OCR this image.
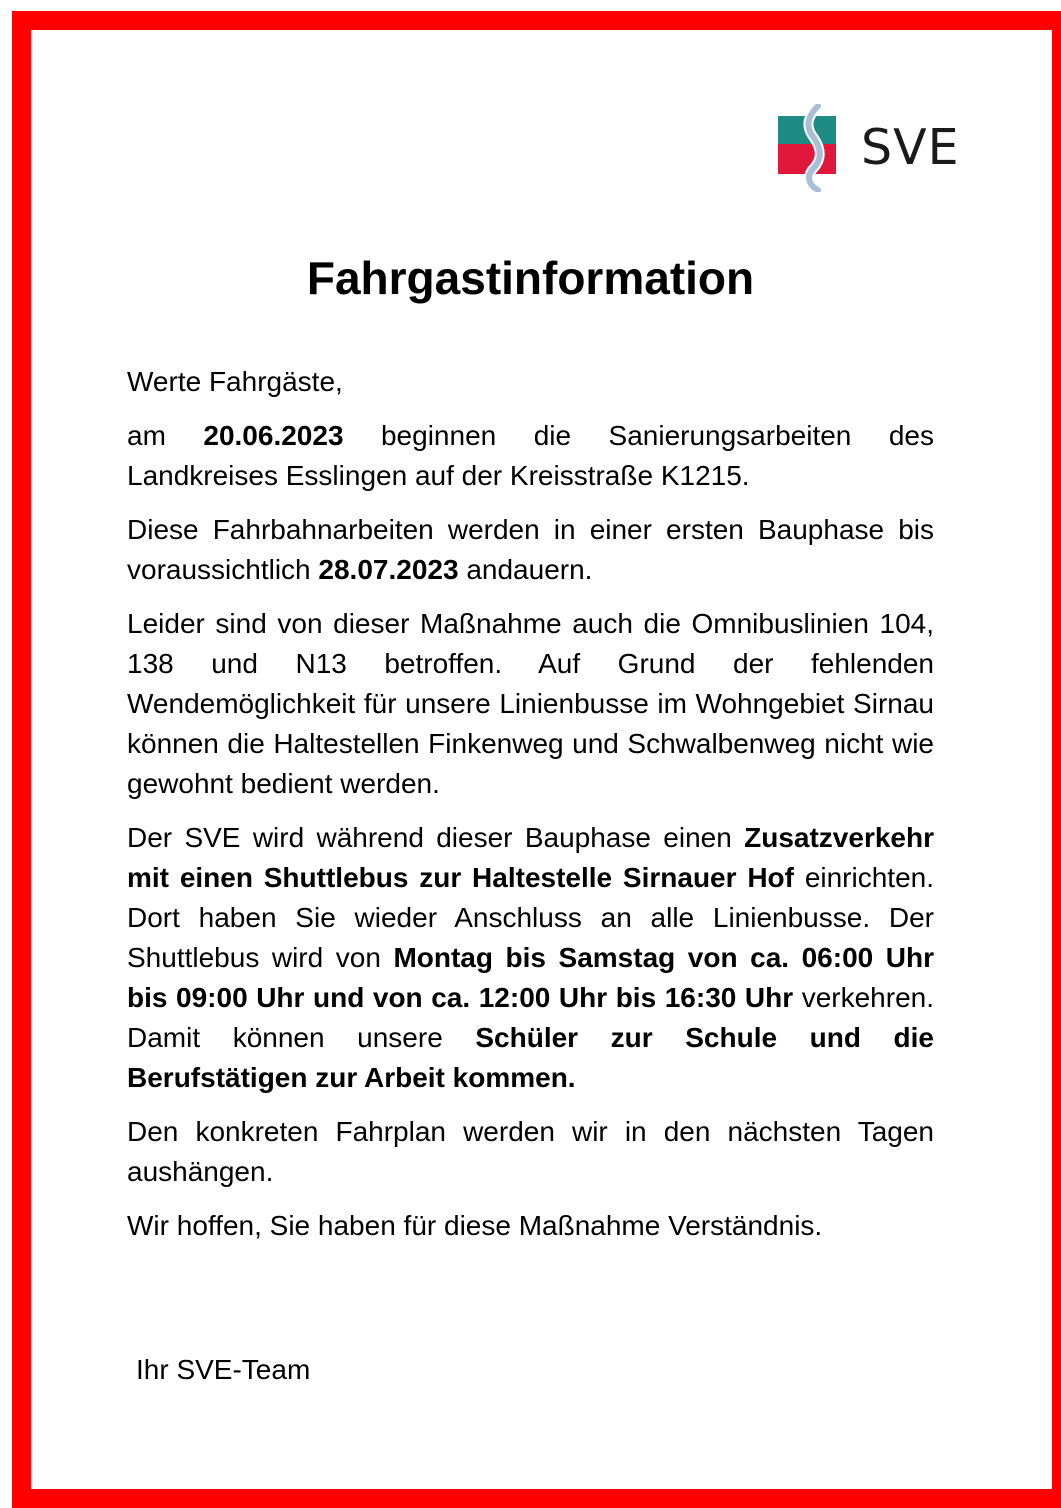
SVE
Fahrgastinformation

Werte Fahrgäste,

am 20.06.2023 beginnen die Sanierungsarbeiten des Landkreises Esslingen auf der Kreisstraße K1215.

Diese Fahrbahnarbeiten werden in einer ersten Bauphase bis voraussichtlich 28.07.2023 andauern.

Leider sind von dieser Maßnahme auch die Omnibuslinien 104, 138 und N13 betroffen. Auf Grund der fehlenden Wendemöglichkeit für unsere Linienbusse im Wohngebiet Sirnau können die Haltestellen Finkenweg und Schwalbenweg nicht wie gewohnt bedient werden.

Der SVE wird während dieser Bauphase einen Zusatzverkehr mit einen Shuttlebus zur Haltestelle Sirnauer Hof einrichten. Dort haben Sie wieder Anschluss an alle Linienbusse. Der Shuttlebus wird von Montag bis Samstag von ca. 06:00 Uhr bis 09:00 Uhr und von ca. 12:00 Uhr bis 16:30 Uhr verkehren. Damit können unsere Schüler zur Schule und die Berufstätigen zur Arbeit kommen.

Den konkreten Fahrplan werden wir in den nächsten Tagen aushängen.

Wir hoffen, Sie haben für diese Maßnahme Verständnis.

Ihr SVE-Team
